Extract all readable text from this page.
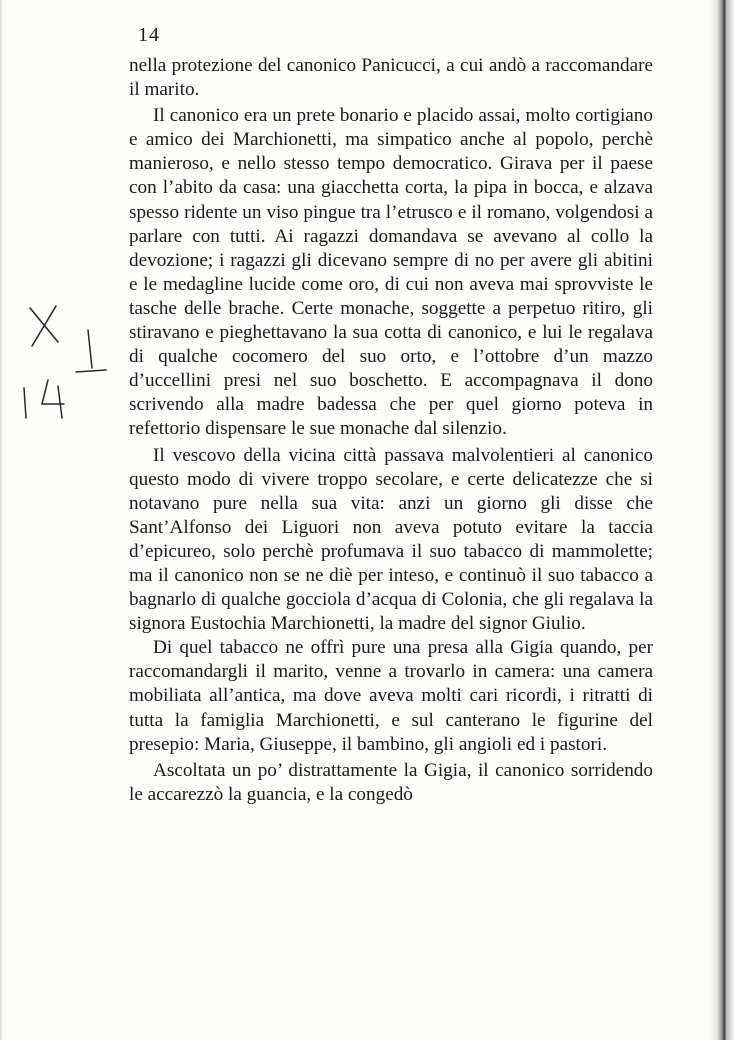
14

nella protezione del canonico Panicucci, a cui andò a raccomandare il marito.

Il canonico era un prete bonario e placido assai, molto cortigiano e amico dei Marchionetti, ma simpatico anche al popolo, perchè manieroso, e nello stesso tempo democratico. Girava per il paese con l’abito da casa: una giacchetta corta, la pipa in bocca, e alzava spesso ridente un viso pingue tra l’etrusco e il romano, volgendosi a parlare con tutti. Ai ragazzi domandava se avevano al collo la devozione; i ragazzi gli dicevano sempre di no per avere gli abitini e le medagline lucide come oro, di cui non aveva mai sprovviste le tasche delle brache. Certe monache, soggette a perpetuo ritiro, gli stiravano e pieghettavano la sua cotta di canonico, e lui le regalava di qualche cocomero del suo orto, e l’ottobre d’un mazzo d’uccellini presi nel suo boschetto. E accompagnava il dono scrivendo alla madre badessa che per quel giorno poteva in refettorio dispensare le sue monache dal silenzio.

Il vescovo della vicina città passava malvolentieri al canonico questo modo di vivere troppo secolare, e certe delicatezze che si notavano pure nella sua vita: anzi un giorno gli disse che Sant’Alfonso dei Liguori non aveva potuto evitare la taccia d’epicureo, solo perchè profumava il suo tabacco di mammolette; ma il canonico non se ne diè per inteso, e continuò il suo tabacco a bagnarlo di qualche gocciola d’acqua di Colonia, che gli regalava la signora Eustochia Marchionetti, la madre del signor Giulio.

Di quel tabacco ne offrì pure una presa alla Gigia quando, per raccomandargli il marito, venne a trovarlo in camera: una camera mobiliata all’antica, ma dove aveva molti cari ricordi, i ritratti di tutta la famiglia Marchionetti, e sul canterano le figurine del presepio: Maria, Giuseppe, il bambino, gli angioli ed i pastori.

Ascoltata un po’ distrattamente la Gigia, il canonico sorridendo le accarezzò la guancia, e la congedò
